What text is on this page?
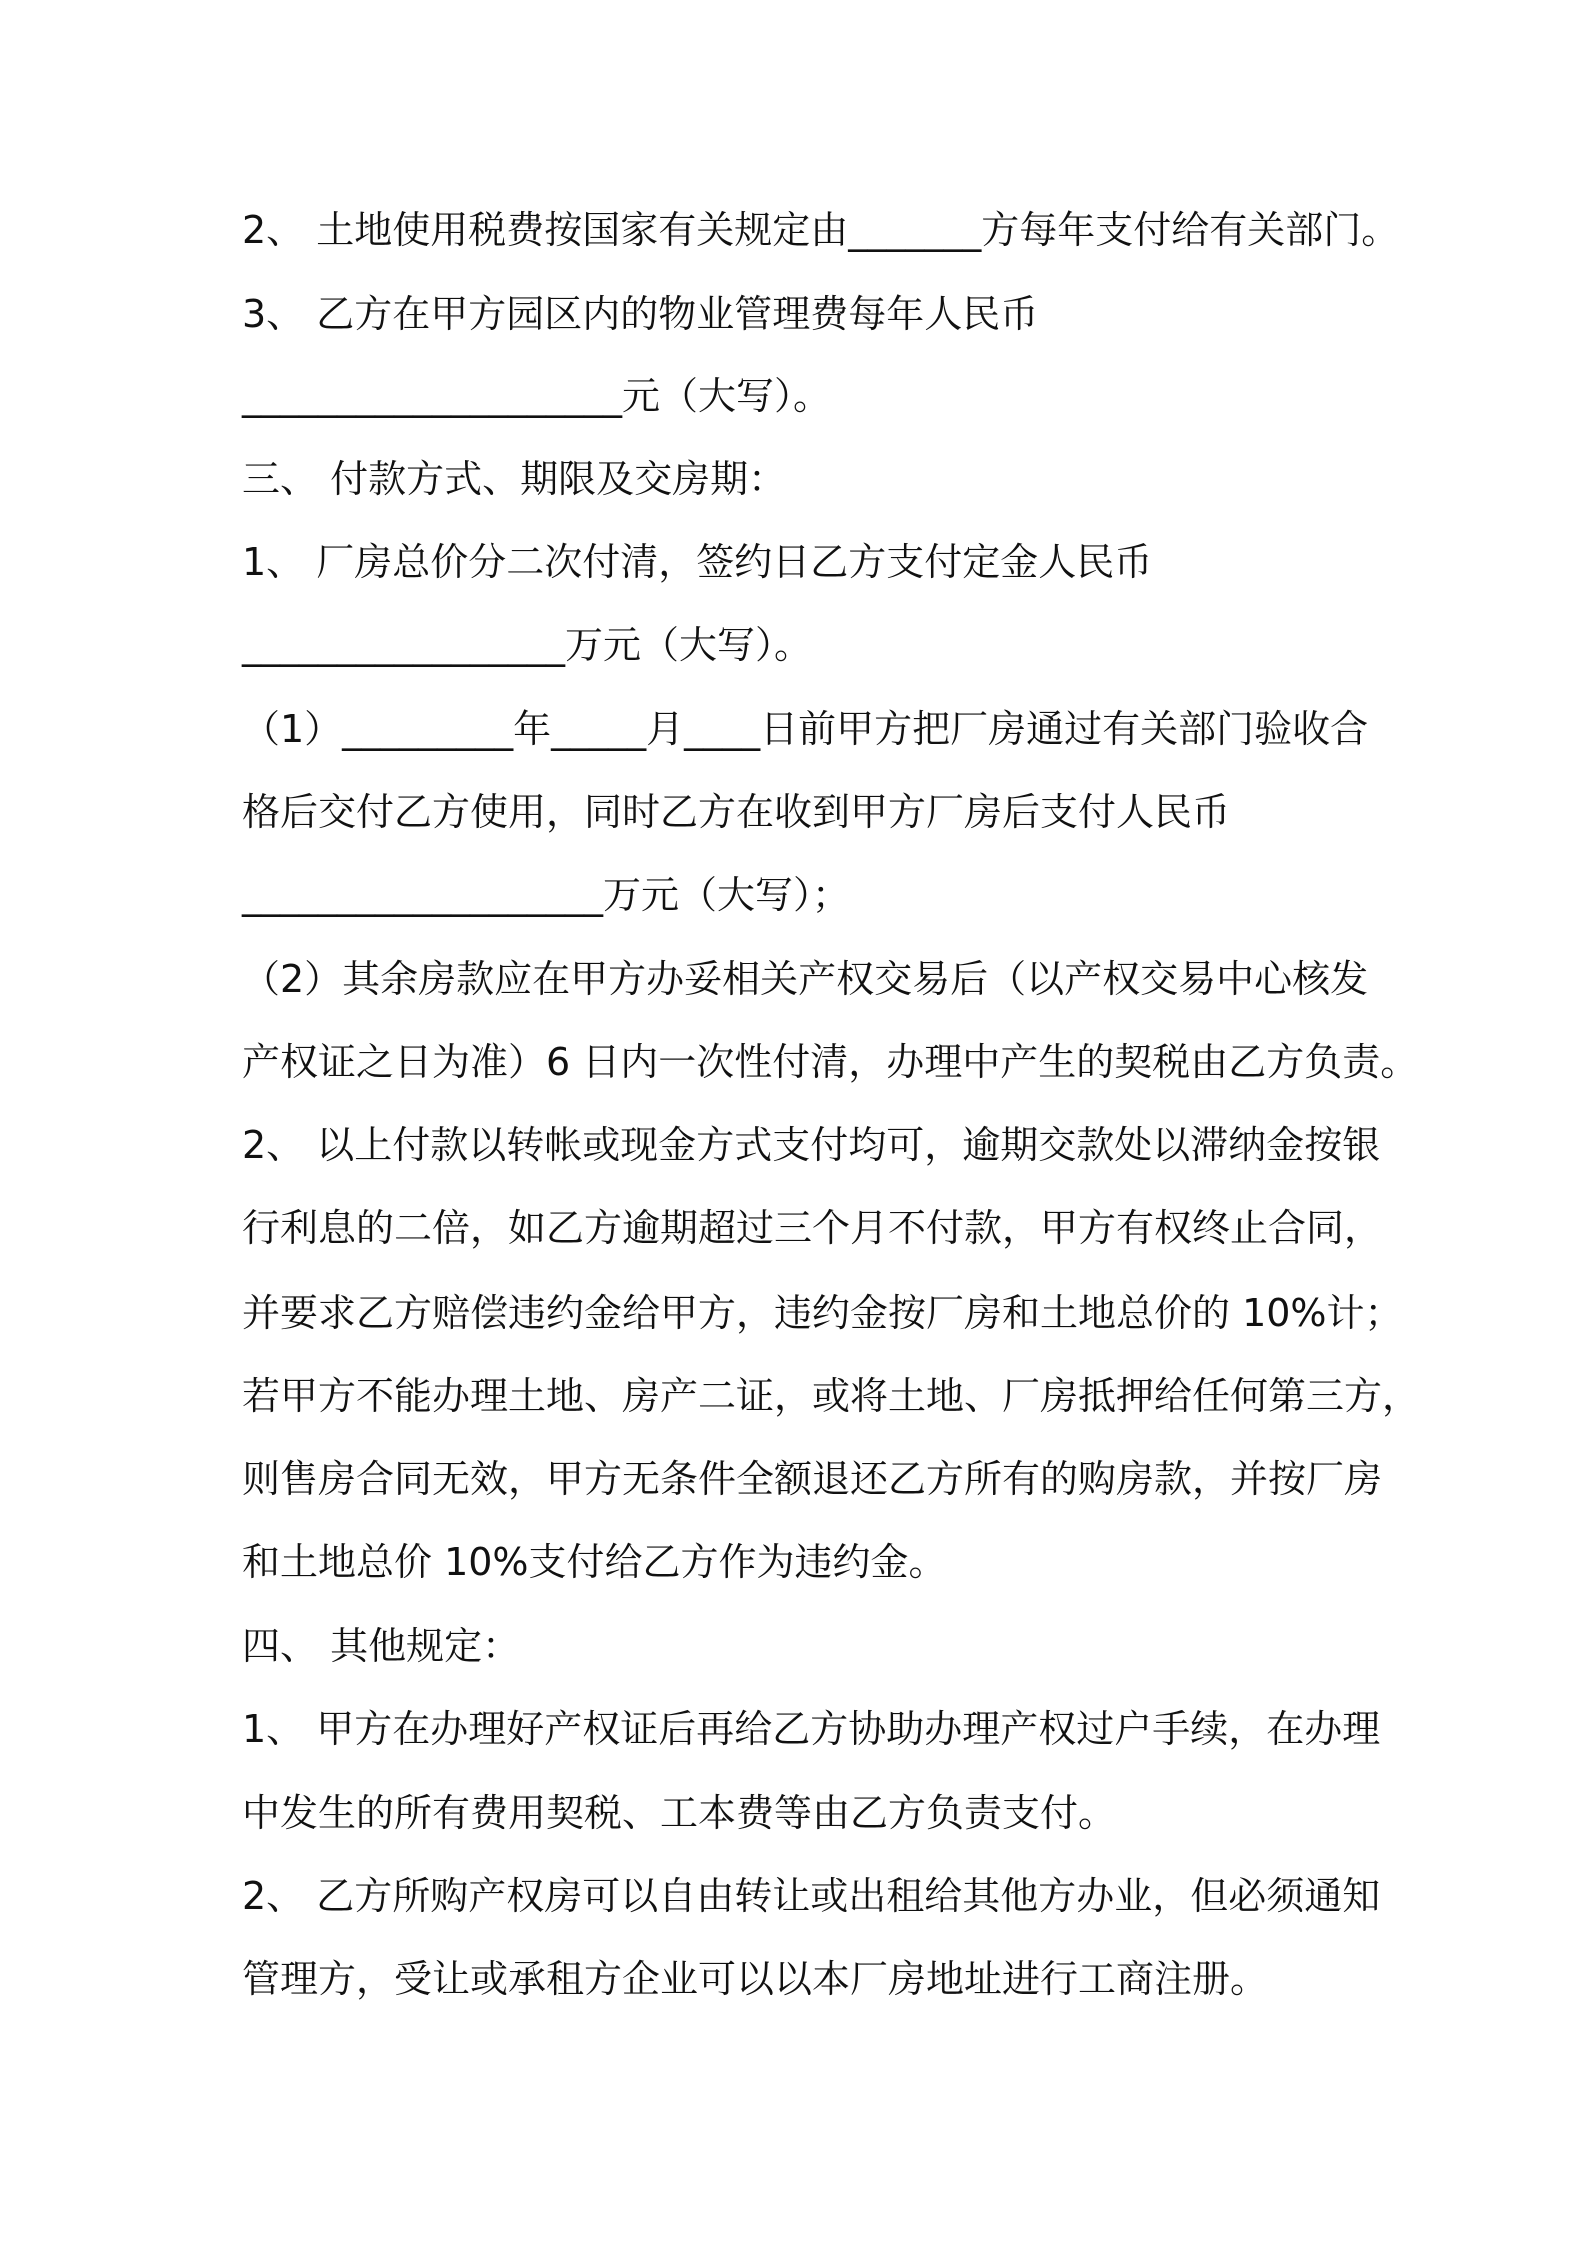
2、 土地使用税费按国家有关规定由_______方每年支付给有关部门。
3、 乙方在甲方园区内的物业管理费每年人民币
____________________元（大写）。
三、 付款方式、期限及交房期：
1、 厂房总价分二次付清，签约日乙方支付定金人民币
_________________万元（大写）。
（1）_________年_____月____日前甲方把厂房通过有关部门验收合
格后交付乙方使用，同时乙方在收到甲方厂房后支付人民币
___________________万元（大写）；
（2）其余房款应在甲方办妥相关产权交易后（以产权交易中心核发
产权证之日为准）6 日内一次性付清，办理中产生的契税由乙方负责。
2、 以上付款以转帐或现金方式支付均可，逾期交款处以滞纳金按银
行利息的二倍，如乙方逾期超过三个月不付款，甲方有权终止合同，
并要求乙方赔偿违约金给甲方，违约金按厂房和土地总价的 10%计；
若甲方不能办理土地、房产二证，或将土地、厂房抵押给任何第三方，
则售房合同无效，甲方无条件全额退还乙方所有的购房款，并按厂房
和土地总价 10%支付给乙方作为违约金。
四、 其他规定：
1、 甲方在办理好产权证后再给乙方协助办理产权过户手续，在办理
中发生的所有费用契税、工本费等由乙方负责支付。
2、 乙方所购产权房可以自由转让或出租给其他方办业，但必须通知
管理方，受让或承租方企业可以以本厂房地址进行工商注册。
